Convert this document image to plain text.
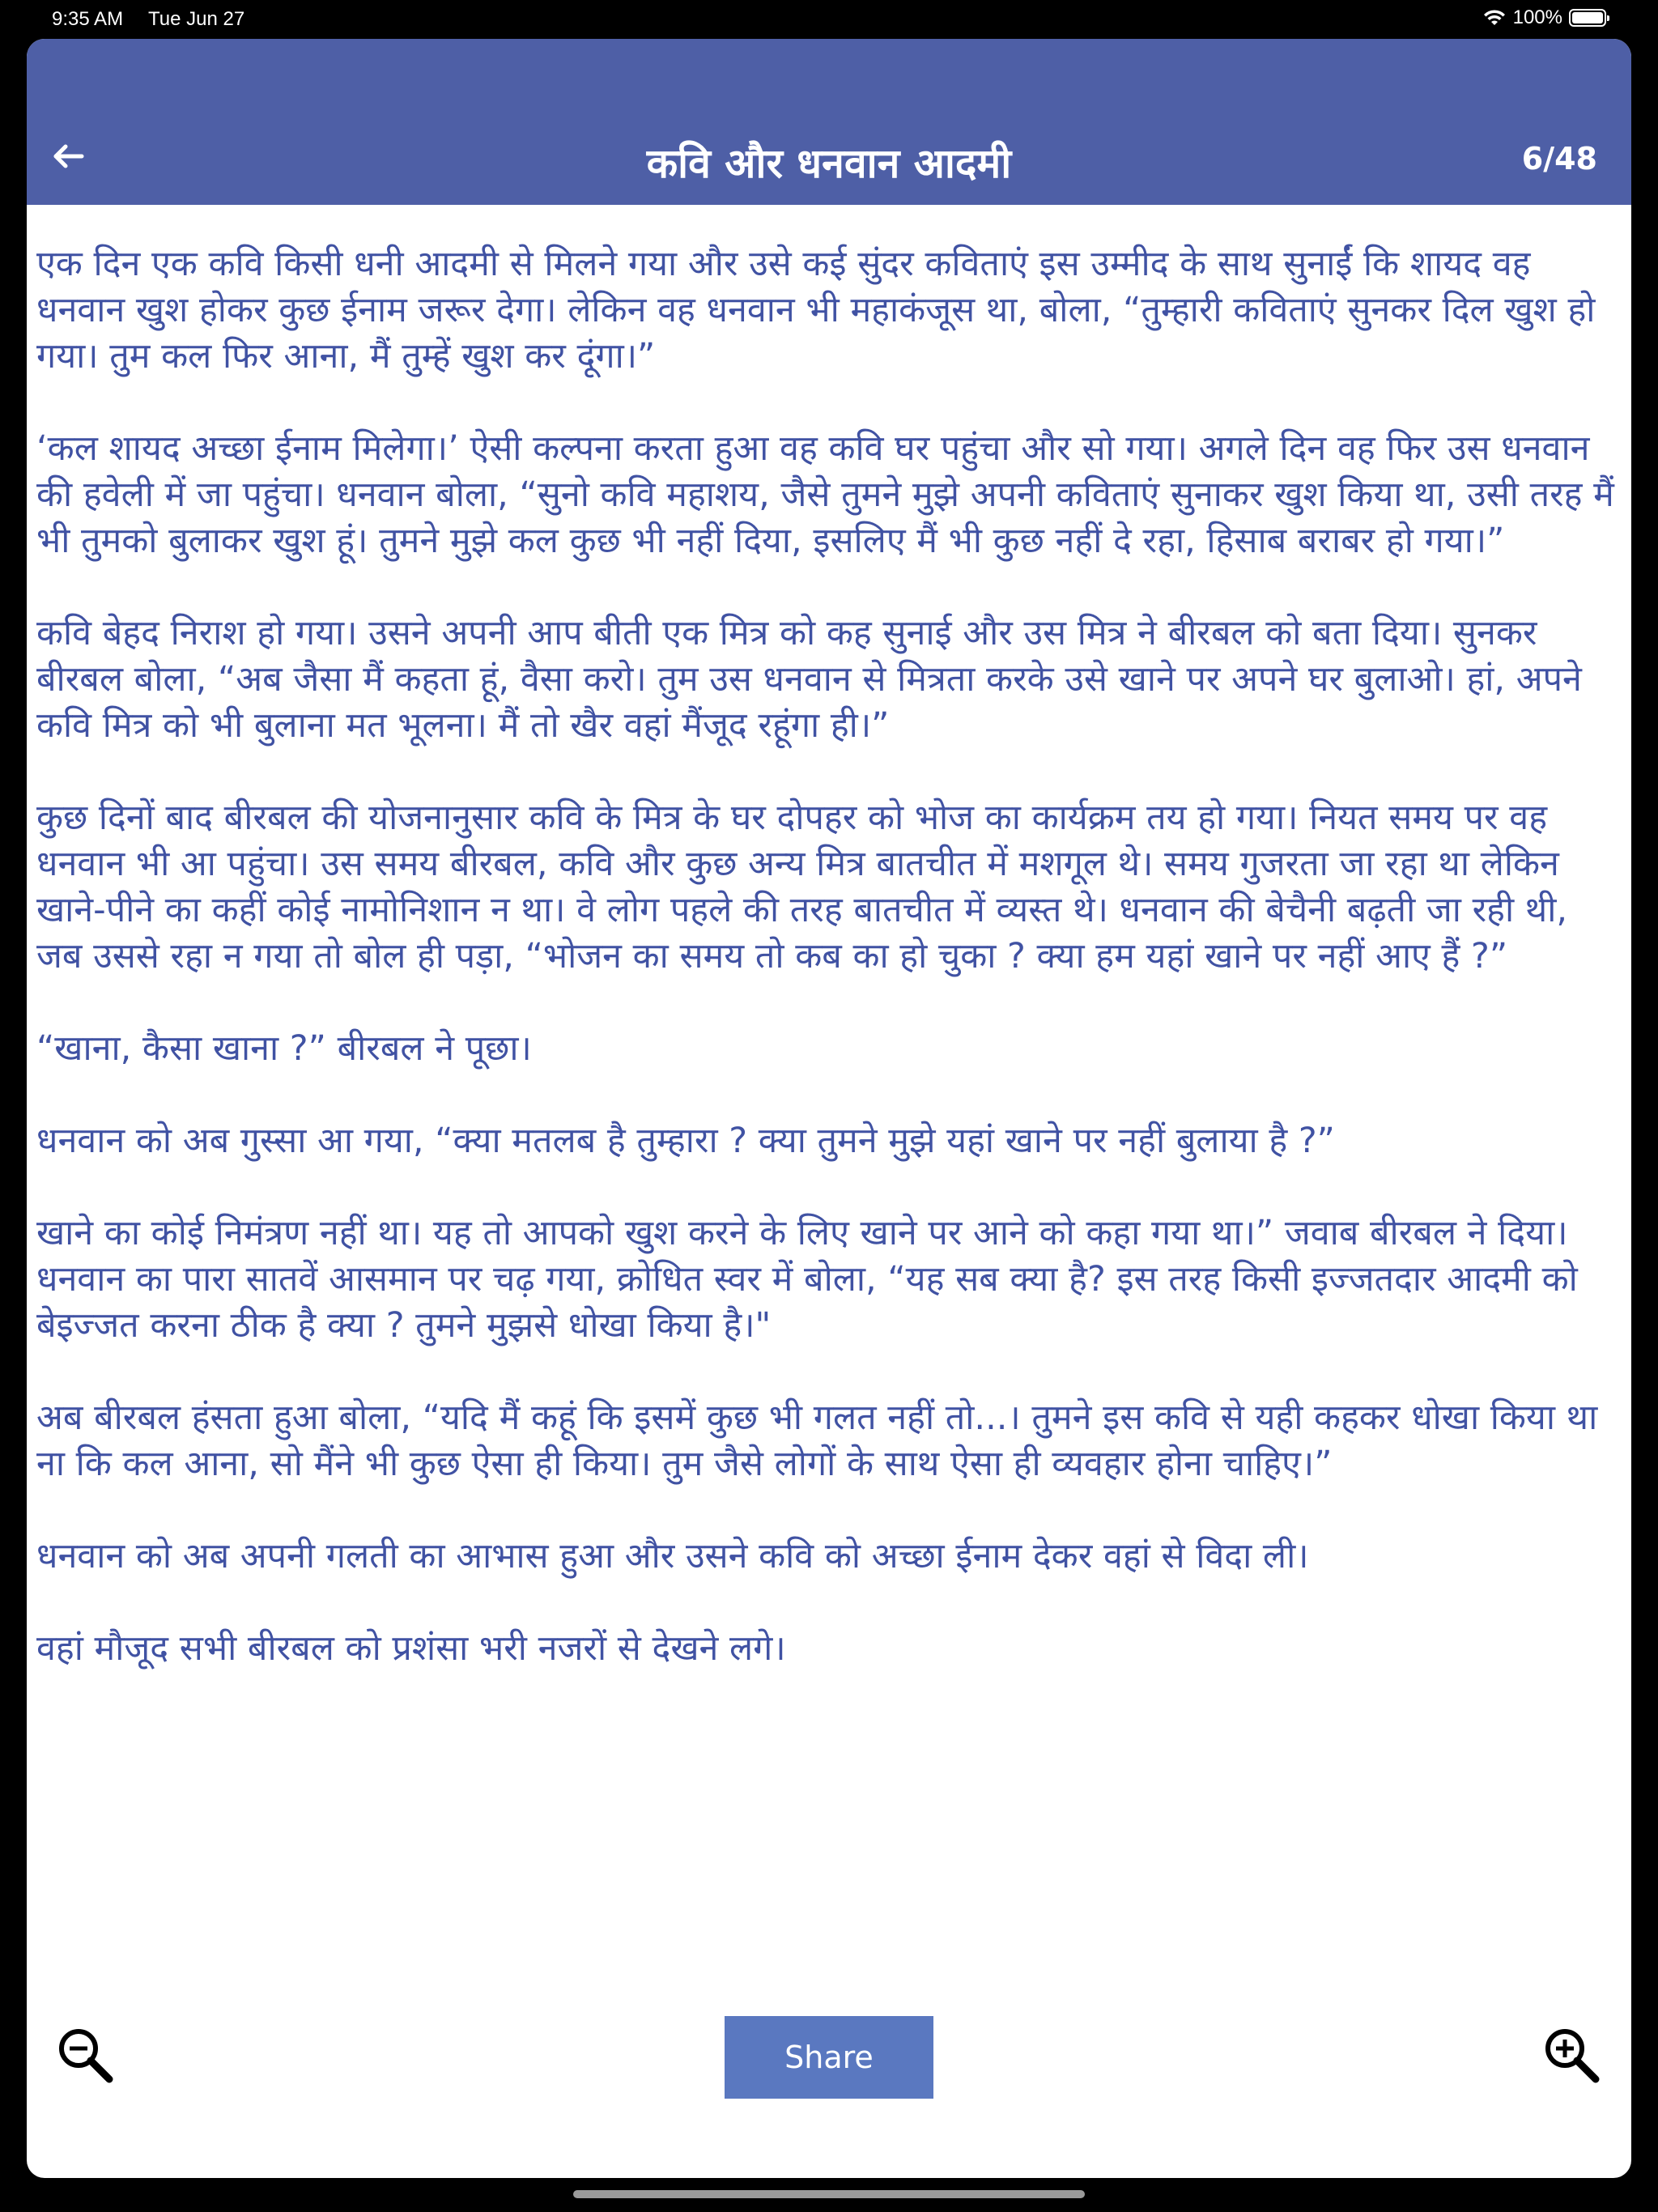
9:35 AM Tue Jun 27	100%
कवि और धनवान आदमी	6/48

एक दिन एक कवि किसी धनी आदमी से मिलने गया और उसे कई सुंदर कविताएं इस उम्मीद के साथ सुनाईं कि शायद वह धनवान खुश होकर कुछ ईनाम जरूर देगा। लेकिन वह धनवान भी महाकंजूस था, बोला, “तुम्हारी कविताएं सुनकर दिल खुश हो गया। तुम कल फिर आना, मैं तुम्हें खुश कर दूंगा।”

‘कल शायद अच्छा ईनाम मिलेगा।’ ऐसी कल्पना करता हुआ वह कवि घर पहुंचा और सो गया। अगले दिन वह फिर उस धनवान की हवेली में जा पहुंचा। धनवान बोला, “सुनो कवि महाशय, जैसे तुमने मुझे अपनी कविताएं सुनाकर खुश किया था, उसी तरह मैं भी तुमको बुलाकर खुश हूं। तुमने मुझे कल कुछ भी नहीं दिया, इसलिए मैं भी कुछ नहीं दे रहा, हिसाब बराबर हो गया।”

कवि बेहद निराश हो गया। उसने अपनी आप बीती एक मित्र को कह सुनाई और उस मित्र ने बीरबल को बता दिया। सुनकर बीरबल बोला, “अब जैसा मैं कहता हूं, वैसा करो। तुम उस धनवान से मित्रता करके उसे खाने पर अपने घर बुलाओ। हां, अपने कवि मित्र को भी बुलाना मत भूलना। मैं तो खैर वहां मैंजूद रहूंगा ही।”

कुछ दिनों बाद बीरबल की योजनानुसार कवि के मित्र के घर दोपहर को भोज का कार्यक्रम तय हो गया। नियत समय पर वह धनवान भी आ पहुंचा। उस समय बीरबल, कवि और कुछ अन्य मित्र बातचीत में मशगूल थे। समय गुजरता जा रहा था लेकिन खाने-पीने का कहीं कोई नामोनिशान न था। वे लोग पहले की तरह बातचीत में व्यस्त थे। धनवान की बेचैनी बढ़ती जा रही थी, जब उससे रहा न गया तो बोल ही पड़ा, “भोजन का समय तो कब का हो चुका ? क्या हम यहां खाने पर नहीं आए हैं ?”

“खाना, कैसा खाना ?” बीरबल ने पूछा।

धनवान को अब गुस्सा आ गया, “क्या मतलब है तुम्हारा ? क्या तुमने मुझे यहां खाने पर नहीं बुलाया है ?”

खाने का कोई निमंत्रण नहीं था। यह तो आपको खुश करने के लिए खाने पर आने को कहा गया था।” जवाब बीरबल ने दिया। धनवान का पारा सातवें आसमान पर चढ़ गया, क्रोधित स्वर में बोला, “यह सब क्या है? इस तरह किसी इज्जतदार आदमी को बेइज्जत करना ठीक है क्या ? तुमने मुझसे धोखा किया है।"

अब बीरबल हंसता हुआ बोला, “यदि मैं कहूं कि इसमें कुछ भी गलत नहीं तो...। तुमने इस कवि से यही कहकर धोखा किया था ना कि कल आना, सो मैंने भी कुछ ऐसा ही किया। तुम जैसे लोगों के साथ ऐसा ही व्यवहार होना चाहिए।”

धनवान को अब अपनी गलती का आभास हुआ और उसने कवि को अच्छा ईनाम देकर वहां से विदा ली।

वहां मौजूद सभी बीरबल को प्रशंसा भरी नजरों से देखने लगे।

Share
